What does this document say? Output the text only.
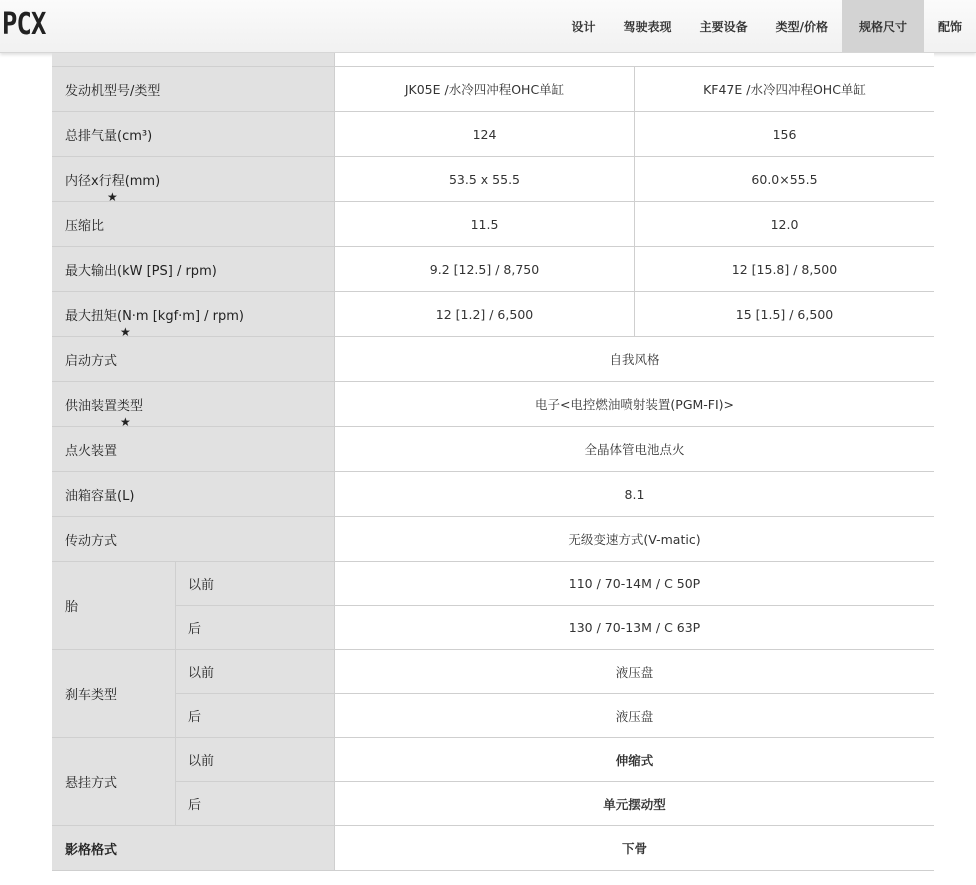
PCX	设计	驾驶表现	主要设备	类型/价格	规格尺寸	配饰
发动机型号/类型	JK05E /水冷四冲程OHC单缸	KF47E /水冷四冲程OHC单缸
总排气量(cm³)	124	156
内径x行程(mm)	53.5 x 55.5	60.0×55.5
★
压缩比	11.5	12.0
最大输出(kW [PS] / rpm)	9.2 [12.5] / 8,750	12 [15.8] / 8,500
最大扭矩(N·m [kgf·m] / rpm)	12 [1.2] / 6,500	15 [1.5] / 6,500
★
启动方式	自我风格
供油装置类型	电子<电控燃油喷射装置(PGM-FI)>
★
点火装置	全晶体管电池点火
油箱容量(L)	8.1
传动方式	无级变速方式(V-matic)
胎
以前	110 / 70-14M / C 50P
后	130 / 70-13M / C 63P
刹车类型
以前	液压盘
后	液压盘
悬挂方式
以前	伸缩式
后	单元摆动型
影格格式	下骨
